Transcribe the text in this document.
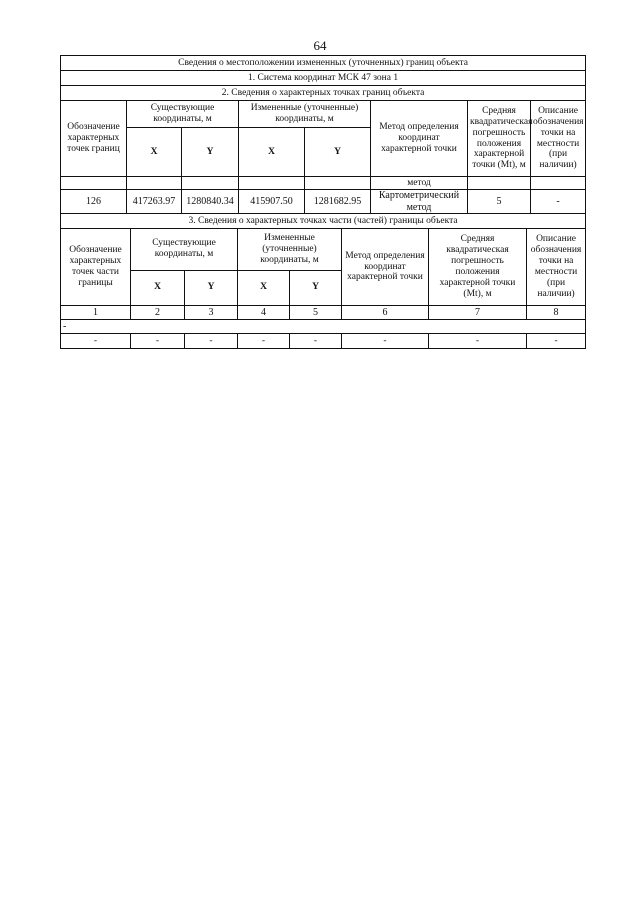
64
Сведения о местоположении измененных (уточненных) границ объекта							
1. Система координат МСК 47 зона 1							
2. Сведения о характерных точках границ объекта							
Обозначение характерных точек границ	Существующие координаты, м		Измененные (уточненные) координаты, м		Метод определения координат характерной точки	Средняя квадратическая погрешность положения характерной точки (Mt), м	Описание обозначения точки на местности (при наличии)
	X	Y	X	Y			
					метод		
126	417263.97	1280840.34	415907.50	1281682.95	Картометрический метод	5	-
3. Сведения о характерных точках части (частей) границы объекта							
Обозначение характерных точек части границы	Существующие координаты, м		Измененные (уточненные) координаты, м		Метод определения координат характерной точки	Средняя квадратическая погрешность положения характерной точки (Mt), м	Описание обозначения точки на местности (при наличии)
	X	Y	X	Y			
1	2	3	4	5	6	7	8
-							
-	-	-	-	-	-	-	-
